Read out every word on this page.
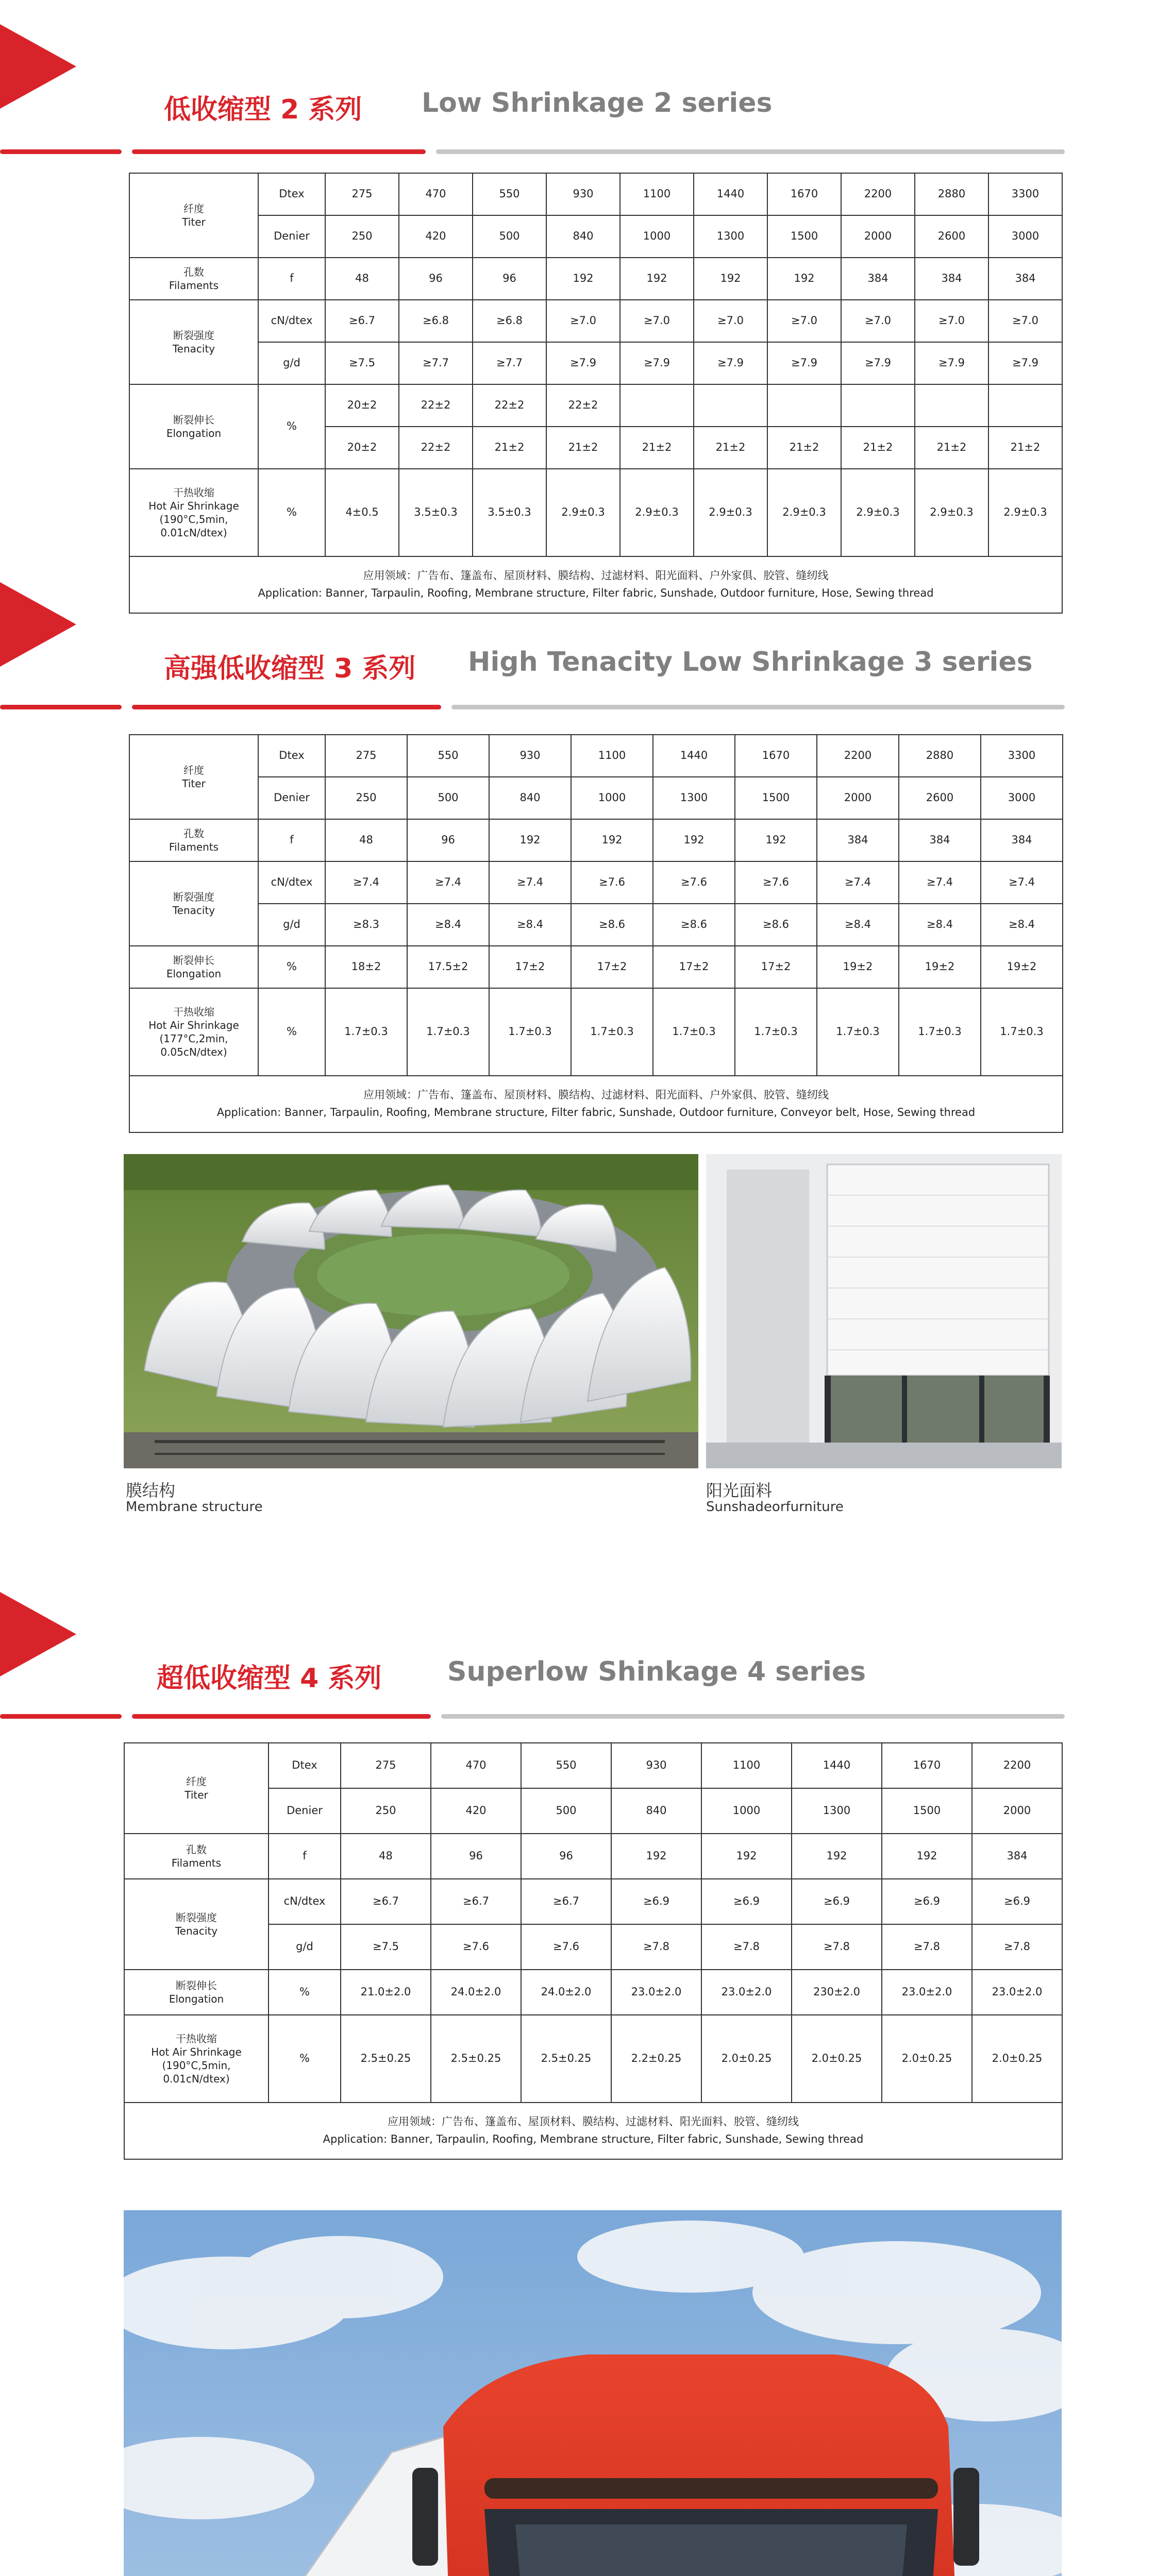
低收缩型 2 系列 Low Shrinkage 2 series
纤度
Titer	Dtex	275	470	550	930	1100	1440	1670	2200	2880	3300
	Denier	250	420	500	840	1000	1300	1500	2000	2600	3000

孔数
Filaments	f	48	96	96	192	192	192	192	384	384	384

断裂强度
Tenacity	cN/dtex	≥6.7	≥6.8	≥6.8	≥7.0	≥7.0	≥7.0	≥7.0	≥7.0	≥7.0	≥7.0
	g/d	≥7.5	≥7.7	≥7.7	≥7.9	≥7.9	≥7.9	≥7.9	≥7.9	≥7.9	≥7.9

断裂伸长
Elongation	%	20±2	22±2	22±2	22±2						
		20±2	22±2	21±2	21±2	21±2	21±2	21±2	21±2	21±2	21±2

干热收缩
Hot Air Shrinkage
(190°C,5min,
0.01cN/dtex)	%	4±0.5	3.5±0.3	3.5±0.3	2.9±0.3	2.9±0.3	2.9±0.3	2.9±0.3	2.9±0.3	2.9±0.3	2.9±0.3

应用领域：广告布、篷盖布、屋顶材料、膜结构、过滤材料、阳光面料、户外家俱、胶管、缝纫线
Application: Banner, Tarpaulin, Roofing, Membrane structure, Filter fabric, Sunshade, Outdoor furniture, Hose, Sewing thread											
高强低收缩型 3 系列 High Tenacity Low Shrinkage 3 series
纤度
Titer	Dtex	275	550	930	1100	1440	1670	2200	2880	3300
	Denier	250	500	840	1000	1300	1500	2000	2600	3000

孔数
Filaments	f	48	96	192	192	192	192	384	384	384

断裂强度
Tenacity	cN/dtex	≥7.4	≥7.4	≥7.4	≥7.6	≥7.6	≥7.6	≥7.4	≥7.4	≥7.4
	g/d	≥8.3	≥8.4	≥8.4	≥8.6	≥8.6	≥8.6	≥8.4	≥8.4	≥8.4

断裂伸长
Elongation	%	18±2	17.5±2	17±2	17±2	17±2	17±2	19±2	19±2	19±2

干热收缩
Hot Air Shrinkage
(177°C,2min,
0.05cN/dtex)	%	1.7±0.3	1.7±0.3	1.7±0.3	1.7±0.3	1.7±0.3	1.7±0.3	1.7±0.3	1.7±0.3	1.7±0.3

应用领域：广告布、篷盖布、屋顶材料、膜结构、过滤材料、阳光面料、户外家俱、胶管、缝纫线
Application: Banner, Tarpaulin, Roofing, Membrane structure, Filter fabric, Sunshade, Outdoor furniture, Conveyor belt, Hose, Sewing thread										
膜结构
Membrane structure
阳光面料
Sunshadeorfurniture
超低收缩型 4 系列 Superlow Shinkage 4 series
纤度
Titer	Dtex	275	470	550	930	1100	1440	1670	2200
	Denier	250	420	500	840	1000	1300	1500	2000

孔数
Filaments	f	48	96	96	192	192	192	192	384

断裂强度
Tenacity	cN/dtex	≥6.7	≥6.7	≥6.7	≥6.9	≥6.9	≥6.9	≥6.9	≥6.9
	g/d	≥7.5	≥7.6	≥7.6	≥7.8	≥7.8	≥7.8	≥7.8	≥7.8

断裂伸长
Elongation	%	21.0±2.0	24.0±2.0	24.0±2.0	23.0±2.0	23.0±2.0	230±2.0	23.0±2.0	23.0±2.0

干热收缩
Hot Air Shrinkage
(190°C,5min,
0.01cN/dtex)	%	2.5±0.25	2.5±0.25	2.5±0.25	2.2±0.25	2.0±0.25	2.0±0.25	2.0±0.25	2.0±0.25

应用领域：广告布、篷盖布、屋顶材料、膜结构、过滤材料、阳光面料、胶管、缝纫线
Application: Banner, Tarpaulin, Roofing, Membrane structure, Filter fabric, Sunshade, Sewing thread									
